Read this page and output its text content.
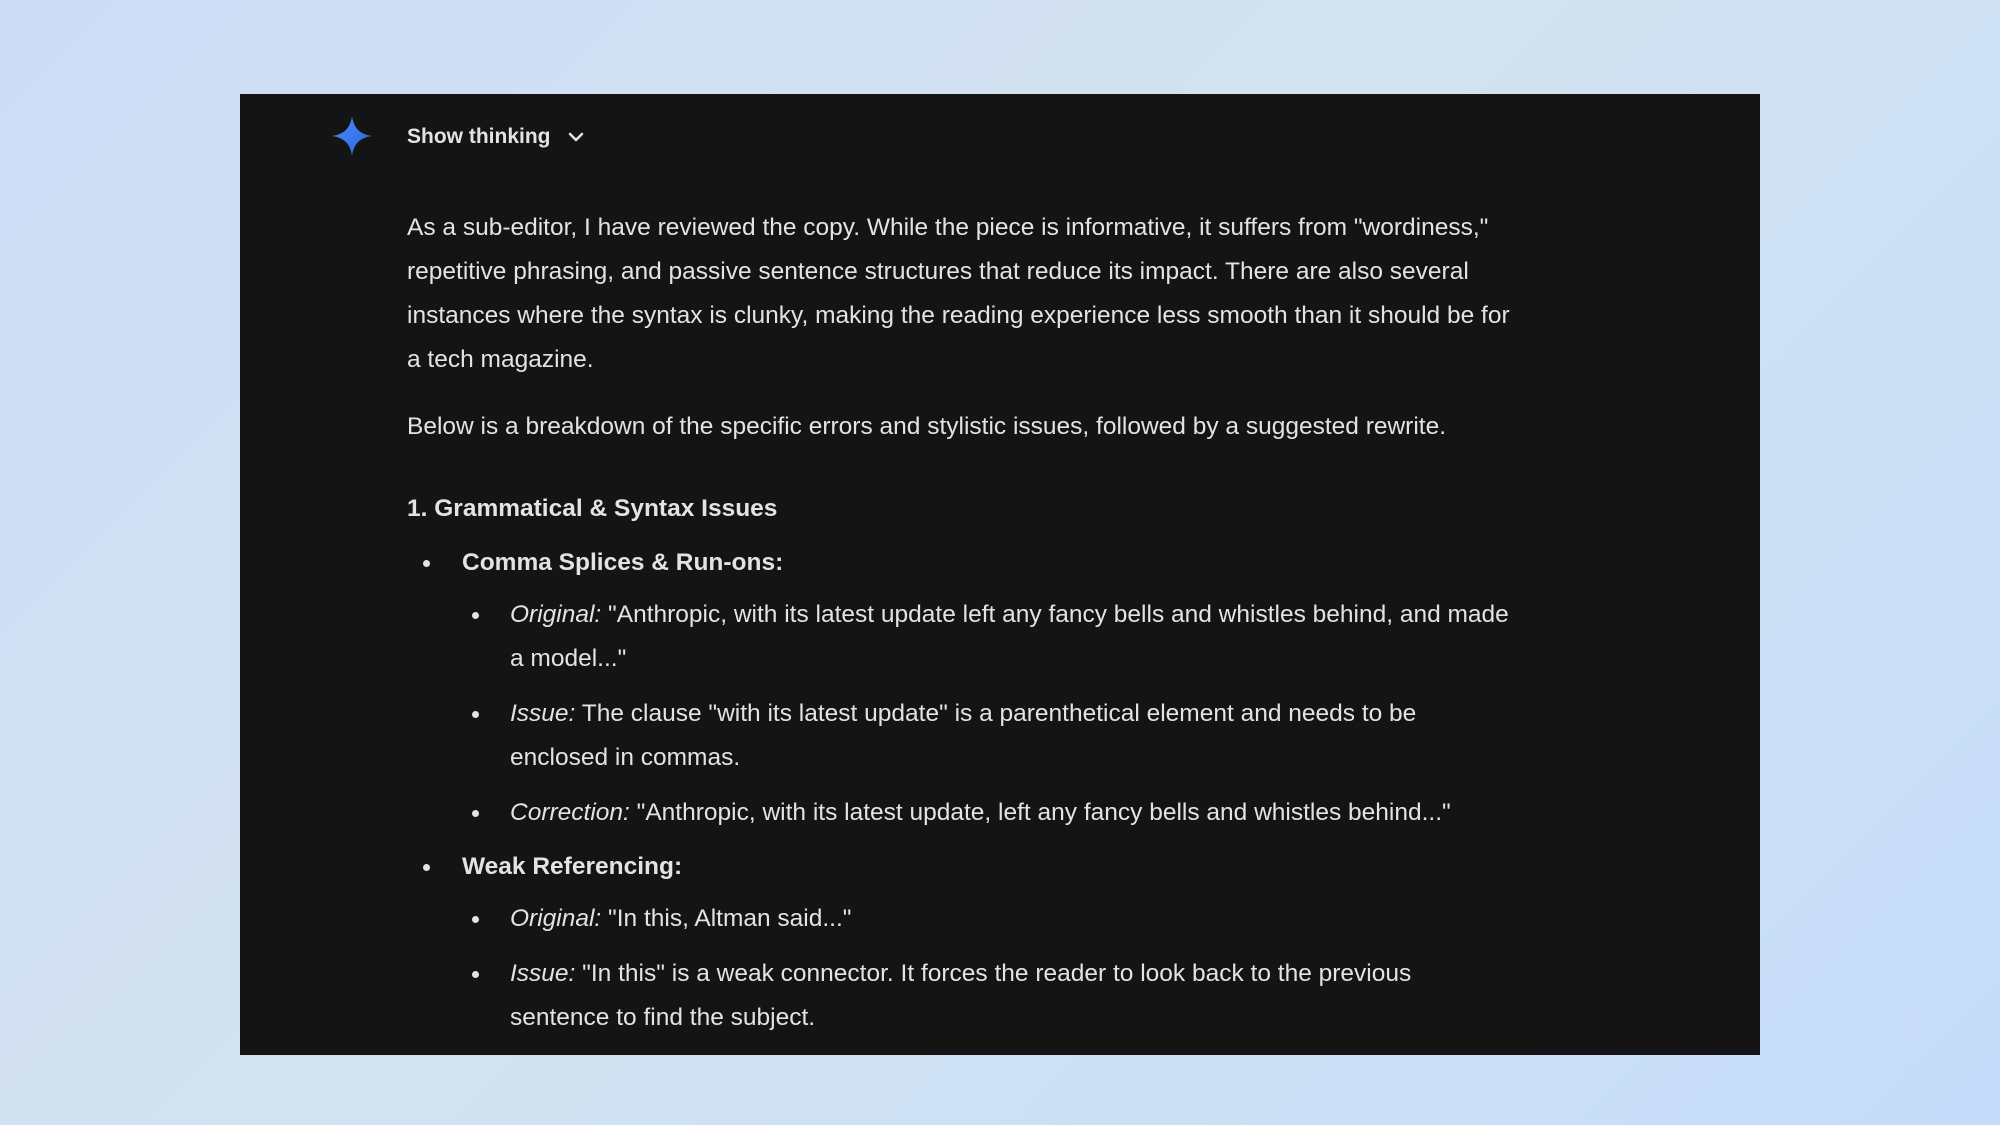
Show thinking

As a sub-editor, I have reviewed the copy. While the piece is informative, it suffers from "wordiness," repetitive phrasing, and passive sentence structures that reduce its impact. There are also several instances where the syntax is clunky, making the reading experience less smooth than it should be for a tech magazine.

Below is a breakdown of the specific errors and stylistic issues, followed by a suggested rewrite.

1. Grammatical & Syntax Issues
Comma Splices & Run-ons:
Original: "Anthropic, with its latest update left any fancy bells and whistles behind, and made a model..."
Issue: The clause "with its latest update" is a parenthetical element and needs to be enclosed in commas.
Correction: "Anthropic, with its latest update, left any fancy bells and whistles behind..."
Weak Referencing:
Original: "In this, Altman said..."
Issue: "In this" is a weak connector. It forces the reader to look back to the previous sentence to find the subject.
